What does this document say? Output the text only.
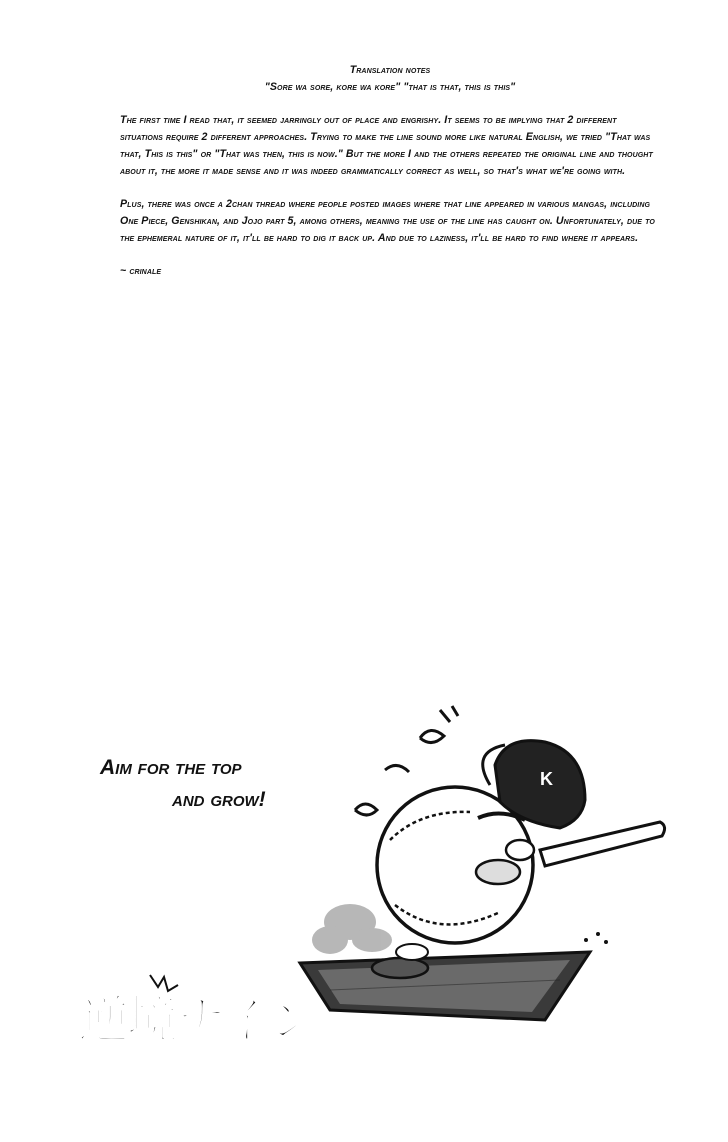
Translation notes
"Sore wa sore, kore wa kore" "that is that, this is this"

The first time I read that, it seemed jarringly out of place and engrishy. It seems to be implying that 2 different situations require 2 different approaches. Trying to make the line sound more like natural English, we tried "That was that, This is this" or "That was then, this is now." But the more I and the others repeated the original line and thought about it, the more it made sense and it was indeed grammatically correct as well, so that's what we're going with.

Plus, there was once a 2chan thread where people posted images where that line appeared in various mangas, including One Piece, Genshikan, and Jojo part 5, among others, meaning the use of the line has caught on. Unfortunately, due to the ephemeral nature of it, it'll be hard to dig it back up. And due to laziness, it'll be hard to find where it appears.

~ crinale
Aim for the top
and grow!
K
逆境ナイン
